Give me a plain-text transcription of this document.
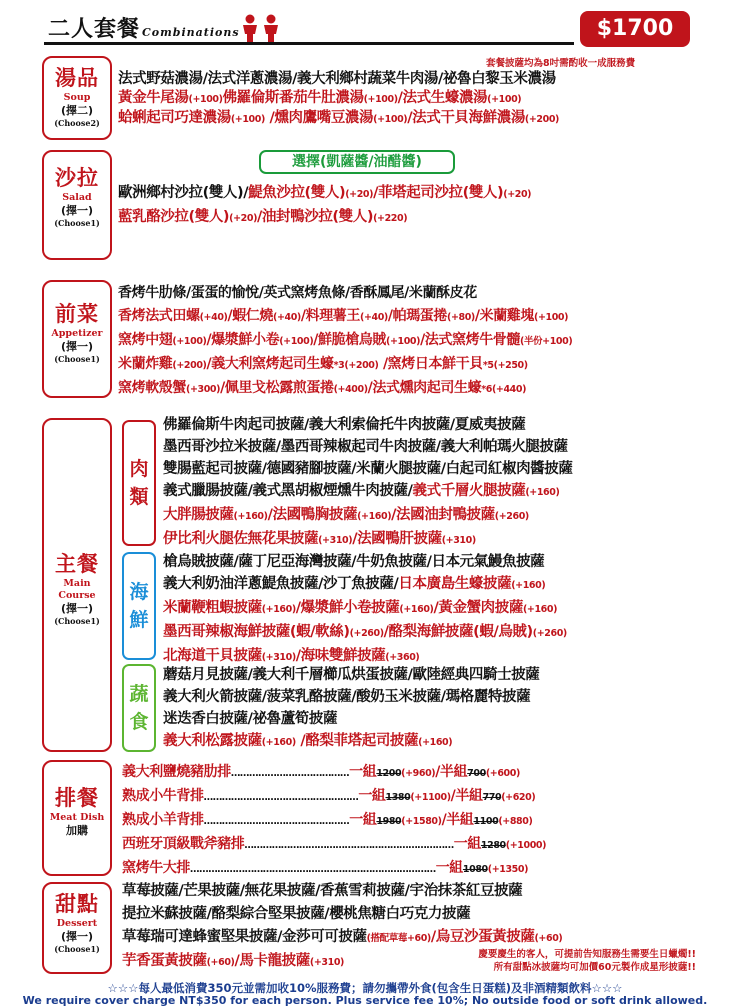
二人套餐 Combinations	$1700
套餐披薩均為8吋需酌收一成服務費
湯品
Soup
(擇二)
(Choose2)
法式野菇濃湯/法式洋蔥濃湯/義大利鄉村蔬菜牛肉湯/祕魯白黎玉米濃湯
黃金牛尾湯(+100)佛羅倫斯番茄牛肚濃湯(+100)/法式生蠔濃湯(+100)
蛤蜊起司巧達濃湯(+100) /燻肉鷹嘴豆濃湯(+100)/法式干貝海鮮濃湯(+200)
選擇(凱薩醬/油醋醬)
沙拉
Salad
(擇一)
(Choose1)
歐洲鄉村沙拉(雙人)/鯷魚沙拉(雙人)(+20)/菲塔起司沙拉(雙人)(+20)
藍乳酪沙拉(雙人)(+20)/油封鴨沙拉(雙人)(+220)
前菜
Appetizer
(擇一)
(Choose1)
香烤牛肋條/蛋蛋的愉悅/英式窯烤魚條/香酥鳳尾/米蘭酥皮花
香烤法式田螺(+40)/蝦仁燒(+40)/料理薯王(+40)/帕瑪蛋捲(+80)/米蘭雞塊(+100)
窯烤中翅(+100)/爆漿鮮小卷(+100)/鮮脆槍烏賊(+100)/法式窯烤牛骨髓(半份+100)
米蘭炸雞(+200)/義大利窯烤起司生蠔*3(+200) /窯烤日本鮮干貝*5(+250)
窯烤軟殼蟹(+300)/佩里戈松露煎蛋捲(+400)/法式燻肉起司生蠔*6(+440)
主餐
Main
Course
(擇一)
(Choose1)
肉
類
佛羅倫斯牛肉起司披薩/義大利索倫托牛肉披薩/夏威夷披薩
墨西哥沙拉米披薩/墨西哥辣椒起司牛肉披薩/義大利帕瑪火腿披薩
雙腸藍起司披薩/德國豬腳披薩/米蘭火腿披薩/白起司紅椒肉醬披薩
義式臘腸披薩/義式黑胡椒煙燻牛肉披薩/義式千層火腿披薩(+160)
大胖腸披薩(+160)/法國鴨胸披薩(+160)/法國油封鴨披薩(+260)
伊比利火腿佐無花果披薩(+310)/法國鴨肝披薩(+310)
海
鮮
槍烏賊披薩/薩丁尼亞海灣披薩/牛奶魚披薩/日本元氣鰻魚披薩
義大利奶油洋蔥鯷魚披薩/沙丁魚披薩/日本廣島生蠔披薩(+160)
米蘭鞭粗蝦披薩(+160)/爆漿鮮小卷披薩(+160)/黃金蟹肉披薩(+160)
墨西哥辣椒海鮮披薩(蝦/軟絲)(+260)/酪梨海鮮披薩(蝦/烏賊)(+260)
北海道干貝披薩(+310)/海味雙鮮披薩(+360)
蔬
食
蘑菇月見披薩/義大利千層櫛瓜烘蛋披薩/歐陸經典四騎士披薩
義大利火箭披薩/菠菜乳酪披薩/酸奶玉米披薩/瑪格麗特披薩
迷迭香白披薩/祕魯蘆筍披薩
義大利松露披薩(+160) /酪梨菲塔起司披薩(+160)
排餐
Meat Dish
加購
義大利鹽燒豬肋排…………………………………一組1200(+960)/半組700(+600)
熟成小牛背排……………………………………………一組1380(+1100)/半組770(+620)
熟成小羊背排…………………………………………一組1980(+1580)/半組1100(+880)
西班牙頂級戰斧豬排……………………………………………………………一組1280(+1000)
窯烤牛大排………………………………………………………………………一組1080(+1350)
甜點
Dessert
(擇一)
(Choose1)
草莓披薩/芒果披薩/無花果披薩/香蕉雪莉披薩/宇治抹茶紅豆披薩
提拉米蘇披薩/酪梨綜合堅果披薩/櫻桃焦糖白巧克力披薩
草莓瑞可達蜂蜜堅果披薩/金莎可可披薩(搭配草莓+60)/烏豆沙蛋黃披薩(+60)
芋香蛋黃披薩(+60)/馬卡龍披薩(+310)
慶要慶生的客人，可提前告知服務生需要生日蠟燭!!
所有甜點冰披薩均可加價60元製作成星形披薩!!
☆☆☆每人最低消費350元並需加收10%服務費；請勿攜帶外食(包含生日蛋糕)及非酒精類飲料☆☆☆
We require cover charge NT$350 for each person. Plus service fee 10%; No outside food or soft drink allowed.
